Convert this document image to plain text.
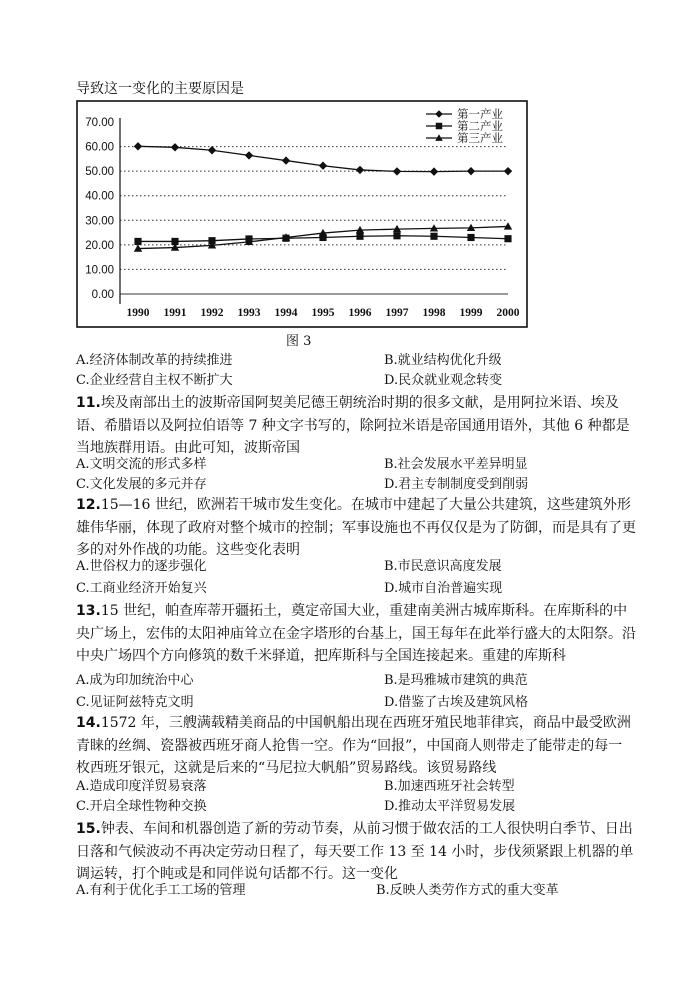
导致这一变化的主要原因是
0.00
10.00
20.00
30.00
40.00
50.00
60.00
70.00
1990 1991 1992 1993 1994 1995 1996 1997 1998 1999 2000
第一产业
第二产业
第三产业
图 3
A.经济体制改革的持续推进	B.就业结构优化升级
C.企业经营自主权不断扩大	D.民众就业观念转变
11.埃及南部出土的波斯帝国阿契美尼德王朝统治时期的很多文献，是用阿拉米语、埃及语、希腊语以及阿拉伯语等 7 种文字书写的，除阿拉米语是帝国通用语外，其他 6 种都是当地族群用语。由此可知，波斯帝国
A.文明交流的形式多样	B.社会发展水平差异明显
C.文化发展的多元并存	D.君主专制制度受到削弱
12.15—16 世纪，欧洲若干城市发生变化。在城市中建起了大量公共建筑，这些建筑外形雄伟华丽，体现了政府对整个城市的控制；军事设施也不再仅仅是为了防御，而是具有了更多的对外作战的功能。这些变化表明
A.世俗权力的逐步强化	B.市民意识高度发展
C.工商业经济开始复兴	D.城市自治普遍实现
13.15 世纪，帕查库蒂开疆拓土，奠定帝国大业，重建南美洲古城库斯科。在库斯科的中央广场上，宏伟的太阳神庙耸立在金字塔形的台基上，国王每年在此举行盛大的太阳祭。沿中央广场四个方向修筑的数千米驿道，把库斯科与全国连接起来。重建的库斯科
A.成为印加统治中心	B.是玛雅城市建筑的典范
C.见证阿兹特克文明	D.借鉴了古埃及建筑风格
14.1572 年，三艘满载精美商品的中国帆船出现在西班牙殖民地菲律宾，商品中最受欧洲青睐的丝绸、瓷器被西班牙商人抢售一空。作为“回报”，中国商人则带走了能带走的每一枚西班牙银元，这就是后来的“马尼拉大帆船”贸易路线。该贸易路线
A.造成印度洋贸易衰落	B.加速西班牙社会转型
C.开启全球性物种交换	D.推动太平洋贸易发展
15.钟表、车间和机器创造了新的劳动节奏，从前习惯于做农活的工人很快明白季节、日出日落和气候波动不再决定劳动日程了，每天要工作 13 至 14 小时，步伐须紧跟上机器的单调运转，打个盹或是和同伴说句话都不行。这一变化
A.有利于优化手工工场的管理	B.反映人类劳作方式的重大变革
